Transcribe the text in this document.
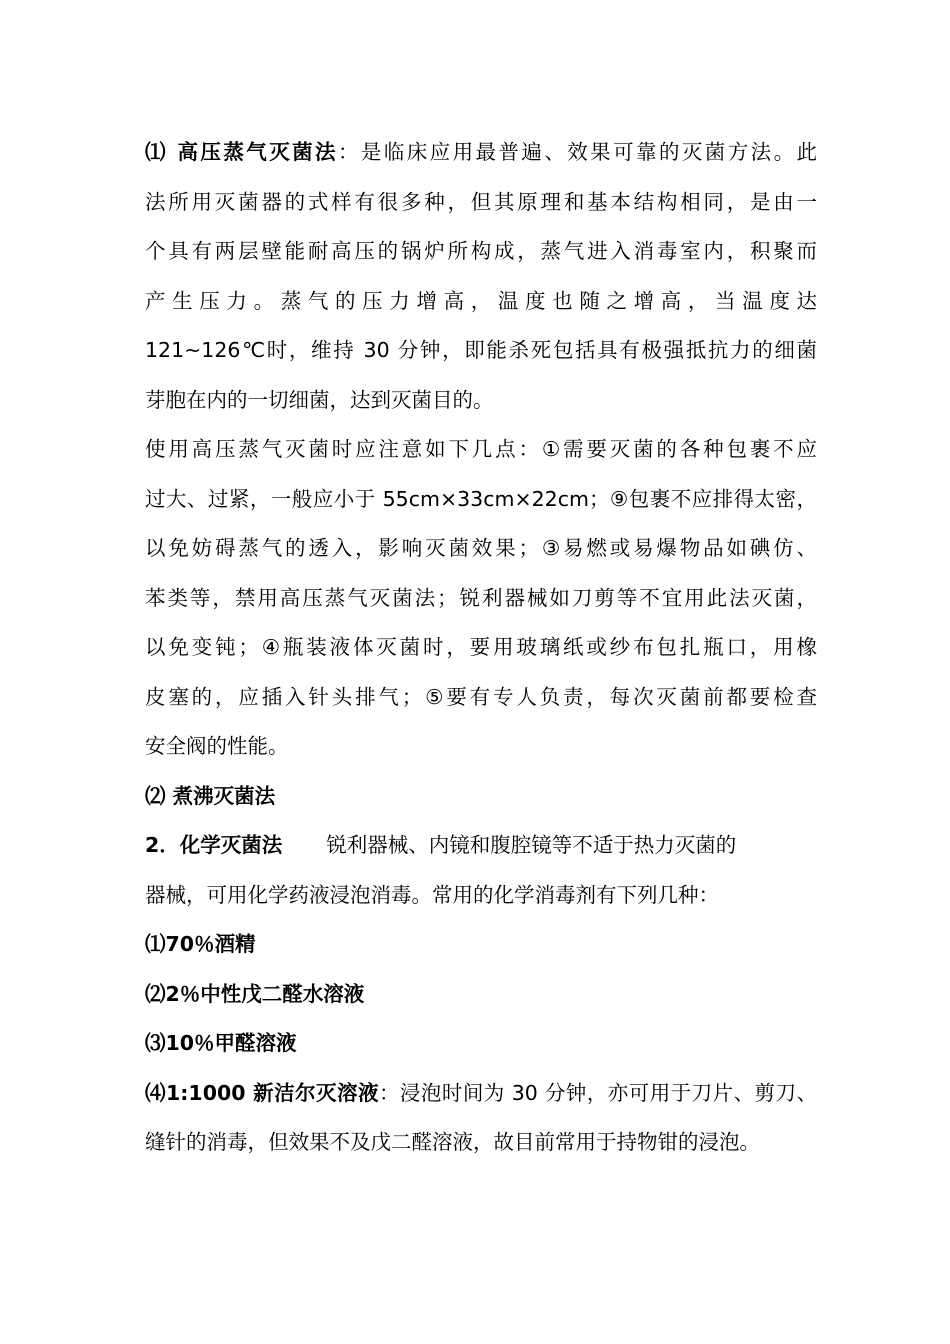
⑴ 高压蒸气灭菌法：是临床应用最普遍、效果可靠的灭菌方法。此
法所用灭菌器的式样有很多种，但其原理和基本结构相同，是由一
个具有两层壁能耐高压的锅炉所构成，蒸气进入消毒室内，积聚而
产生压力。蒸气的压力增高，温度也随之增高，当温度达
121~126℃时，维持 30 分钟，即能杀死包括具有极强抵抗力的细菌
芽胞在内的一切细菌，达到灭菌目的。
使用高压蒸气灭菌时应注意如下几点：①需要灭菌的各种包裹不应
过大、过紧，一般应小于 55cm×33cm×22cm；⑨包裹不应排得太密，
以免妨碍蒸气的透入，影响灭菌效果；③易燃或易爆物品如碘仿、
苯类等，禁用高压蒸气灭菌法；锐利器械如刀剪等不宜用此法灭菌，
以免变钝；④瓶装液体灭菌时，要用玻璃纸或纱布包扎瓶口，用橡
皮塞的，应插入针头排气；⑤要有专人负责，每次灭菌前都要检查
安全阀的性能。
⑵ 煮沸灭菌法
2．化学灭菌法 锐利器械、内镜和腹腔镜等不适于热力灭菌的
器械，可用化学药液浸泡消毒。常用的化学消毒剂有下列几种：
⑴70％酒精
⑵2％中性戊二醛水溶液
⑶10％甲醛溶液
⑷1:1000 新洁尔灭溶液：浸泡时间为 30 分钟，亦可用于刀片、剪刀、
缝针的消毒，但效果不及戊二醛溶液，故目前常用于持物钳的浸泡。
